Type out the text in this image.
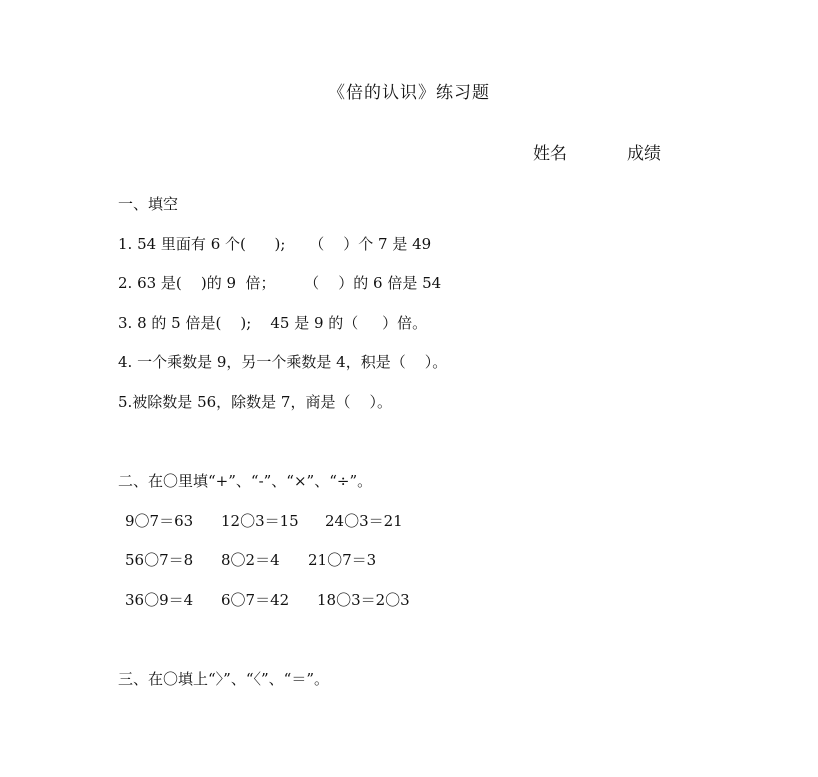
《倍的认识》练习题
姓名	成绩
一、填空
1. 54 里面有 6 个(      );     （    ）个 7 是 49
2. 63 是(    )的 9  倍；      （    ）的 6 倍是 54
3. 8 的 5 倍是(    );    45 是 9 的（     ）倍。
4. 一个乘数是 9，另一个乘数是 4，积是（    ）。
5.被除数是 56，除数是 7，商是（    ）。
二、在〇里填“+”、“-”、“×”、“÷”。
9〇7＝63 12〇3＝15 24〇3＝21
56〇7＝8 8〇2＝4 21〇7＝3
36〇9＝4 6〇7＝42 18〇3＝2〇3
三、在〇填上“〉”、“〈”、“＝”。
